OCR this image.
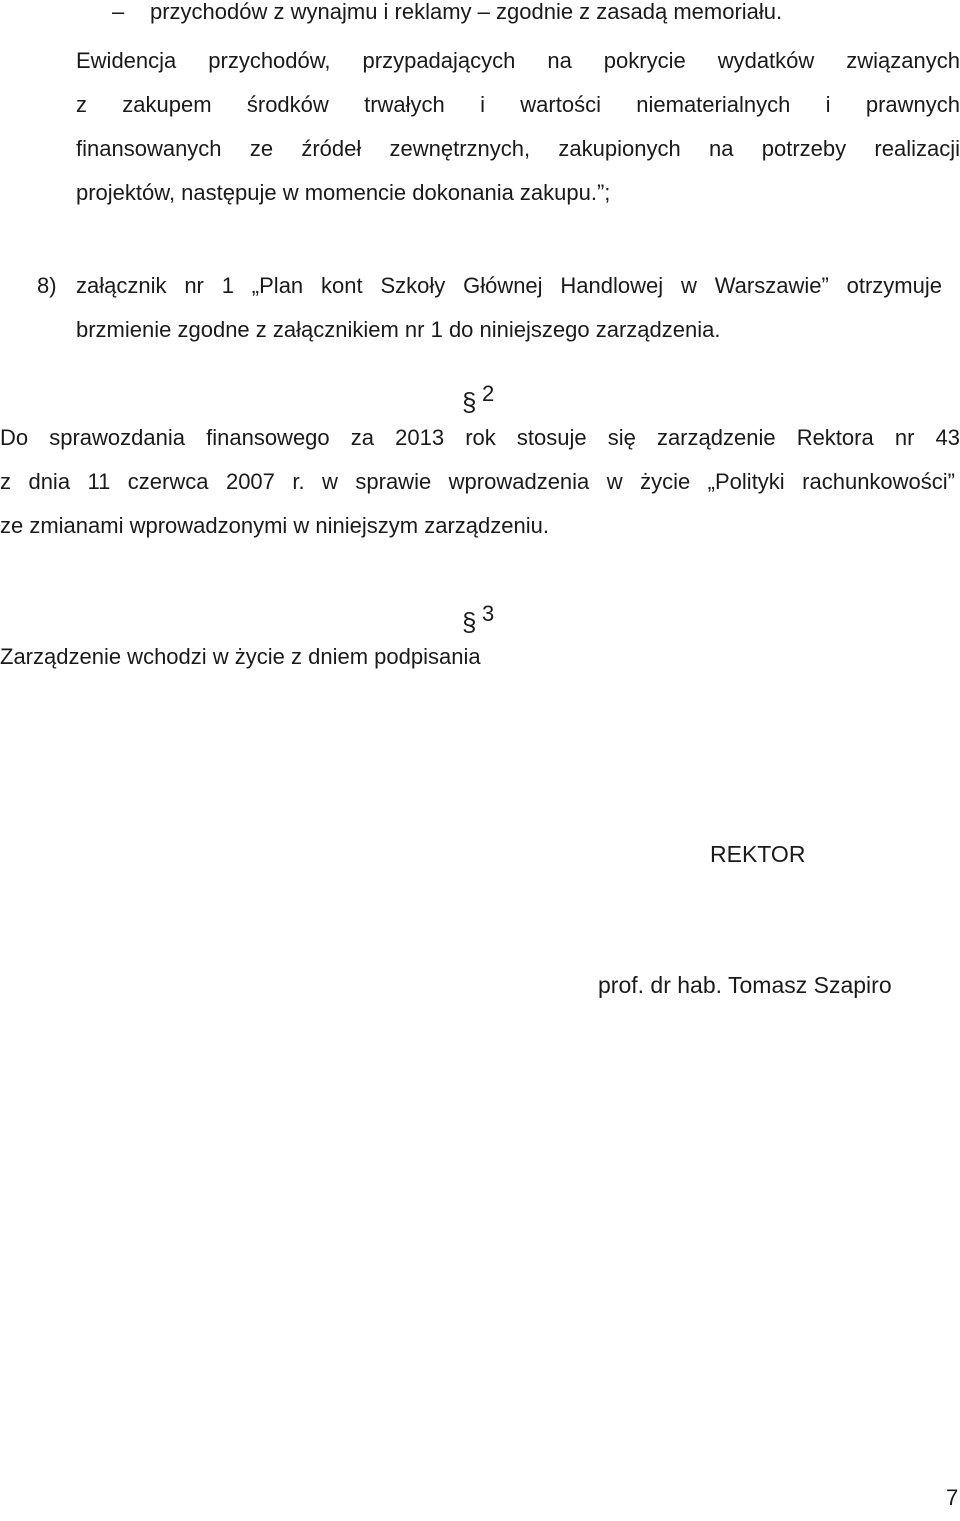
– przychodów z wynajmu i reklamy – zgodnie z zasadą memoriału.
Ewidencja przychodów, przypadających na pokrycie wydatków związanych
z zakupem środków trwałych i wartości niematerialnych i prawnych
finansowanych ze źródeł zewnętrznych, zakupionych na potrzeby realizacji
projektów, następuje w momencie dokonania zakupu.”;
8) załącznik nr 1 „Plan kont Szkoły Głównej Handlowej w Warszawie” otrzymuje
brzmienie zgodne z załącznikiem nr 1 do niniejszego zarządzenia.
§ 2
Do sprawozdania finansowego za 2013 rok stosuje się zarządzenie Rektora nr 43
z dnia 11 czerwca 2007 r. w sprawie wprowadzenia w życie „Polityki rachunkowości”
ze zmianami wprowadzonymi w niniejszym zarządzeniu.
§ 3
Zarządzenie wchodzi w życie z dniem podpisania
REKTOR
prof. dr hab. Tomasz Szapiro
7
